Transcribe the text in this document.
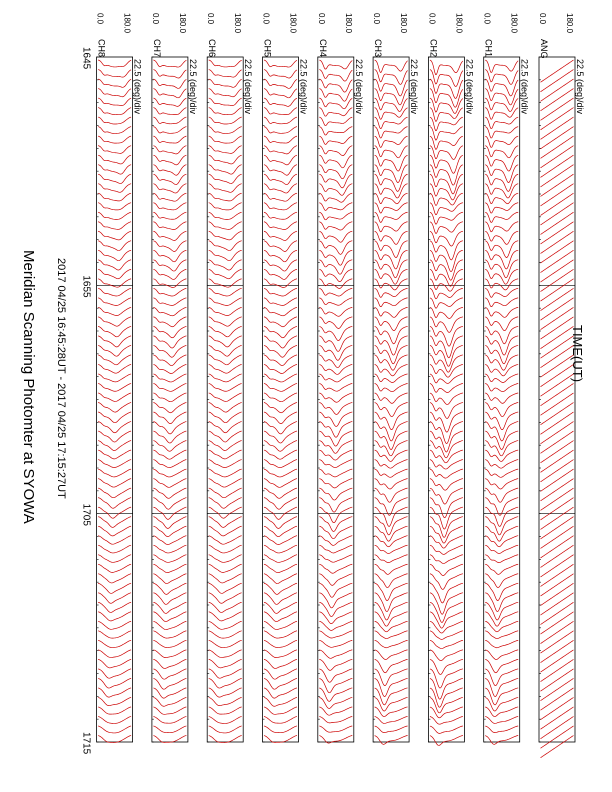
Meridian Scanning Photomter at SYOWA 2017 04/25 16:45:28UT - 2017 04/25 17:15:27UT	TIME(UT)
ANG
22.5 (deg)/div
180.0
0.0
CH1
22.5 (deg)/div
180.0
0.0
CH2
22.5 (deg)/div
180.0
0.0
CH3
22.5 (deg)/div
180.0
0.0
CH4
22.5 (deg)/div
180.0
0.0
CH5
22.5 (deg)/div
180.0
0.0
CH6
22.5 (deg)/div
180.0
0.0
CH7
22.5 (deg)/div
180.0
0.0
CH8
22.5 (deg)/div
180.0
0.0
1645
1655
1705
1715
